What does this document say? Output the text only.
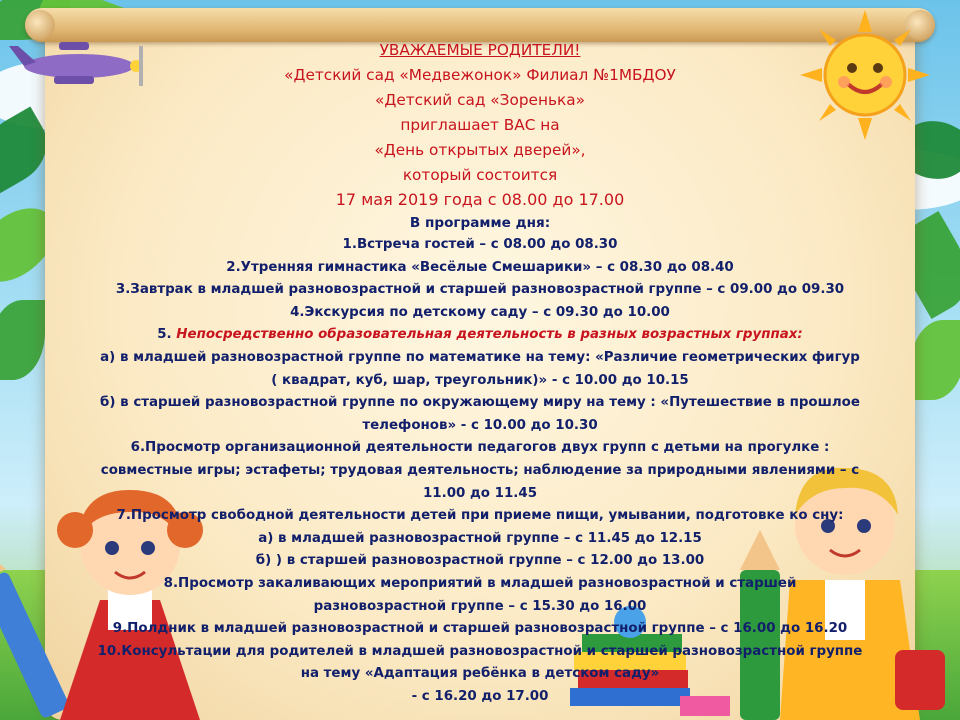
УВАЖАЕМЫЕ РОДИТЕЛИ!
«Детский сад «Медвежонок» Филиал №1МБДОУ
«Детский сад «Зоренька»
приглашает ВАС на
«День открытых дверей»,
который состоится
17 мая 2019 года с 08.00 до 17.00
В программе дня:
1.Встреча гостей – с 08.00 до 08.30
2.Утренняя гимнастика «Весёлые Смешарики» – с 08.30 до 08.40
3.Завтрак в младшей разновозрастной и старшей разновозрастной группе – с 09.00 до 09.30
4.Экскурсия по детскому саду – с 09.30 до 10.00
5. Непосредственно образовательная деятельность в разных возрастных группах:
а) в младшей разновозрастной группе по математике на тему: «Различие геометрических фигур
( квадрат, куб, шар, треугольник)» - с 10.00 до 10.15
б) в старшей разновозрастной группе по окружающему миру на тему : «Путешествие в прошлое
телефонов» - с 10.00 до 10.30
6.Просмотр организационной деятельности педагогов двух групп с детьми на прогулке :
совместные игры; эстафеты; трудовая деятельность; наблюдение за природными явлениями – с
11.00 до 11.45
7.Просмотр свободной деятельности детей при приеме пищи, умывании, подготовке ко сну:
а) в младшей разновозрастной группе – с 11.45 до 12.15
б) ) в старшей разновозрастной группе – с 12.00 до 13.00
8.Просмотр закаливающих мероприятий в младшей разновозрастной и старшей
разновозрастной группе – с 15.30 до 16.00
9.Полдник в младшей разновозрастной и старшей разновозрастной группе – с 16.00 до 16.20
10.Консультации для родителей в младшей разновозрастной и старшей разновозрастной группе
на тему «Адаптация ребёнка в детском саду»
- с 16.20 до 17.00
